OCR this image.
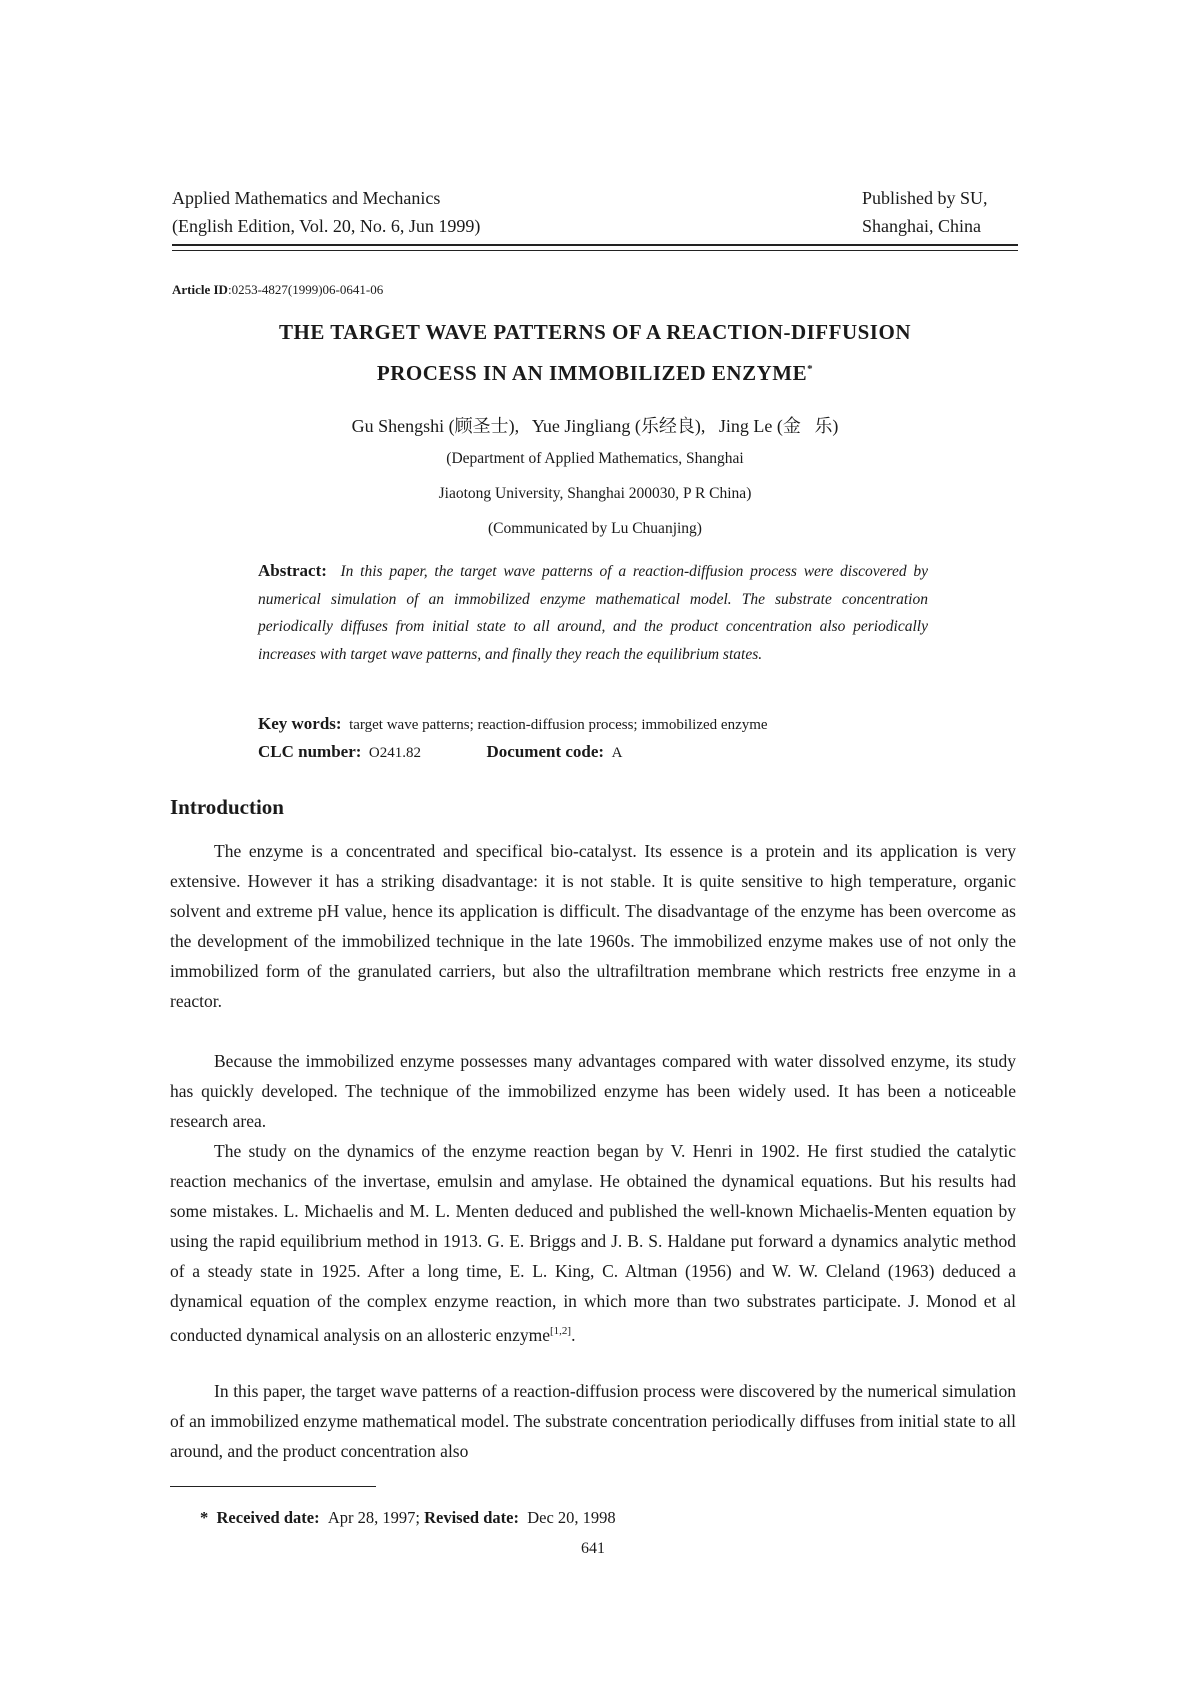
Applied Mathematics and Mechanics
(English Edition, Vol. 20, No. 6, Jun 1999)
Published by SU,
Shanghai, China
Article ID:0253-4827(1999)06-0641-06
THE TARGET WAVE PATTERNS OF A REACTION-DIFFUSION
PROCESS IN AN IMMOBILIZED ENZYME*
Gu Shengshi (顾圣士),   Yue Jingliang (乐经良),   Jing Le (金   乐)
(Department of Applied Mathematics, Shanghai
Jiaotong University, Shanghai 200030, P R China)
(Communicated by Lu Chuanjing)
Abstract: In this paper, the target wave patterns of a reaction-diffusion process were discovered by numerical simulation of an immobilized enzyme mathematical model. The substrate concentration periodically diffuses from initial state to all around, and the product concentration also periodically increases with target wave patterns, and finally they reach the equilibrium states.
Key words: target wave patterns; reaction-diffusion process; immobilized enzyme
CLC number: O241.82	Document code: A
Introduction

The enzyme is a concentrated and specifical bio-catalyst. Its essence is a protein and its application is very extensive. However it has a striking disadvantage: it is not stable. It is quite sensitive to high temperature, organic solvent and extreme pH value, hence its application is difficult. The disadvantage of the enzyme has been overcome as the development of the immobilized technique in the late 1960s. The immobilized enzyme makes use of not only the immobilized form of the granulated carriers, but also the ultrafiltration membrane which restricts free enzyme in a reactor.

Because the immobilized enzyme possesses many advantages compared with water dissolved enzyme, its study has quickly developed. The technique of the immobilized enzyme has been widely used. It has been a noticeable research area.

The study on the dynamics of the enzyme reaction began by V. Henri in 1902. He first studied the catalytic reaction mechanics of the invertase, emulsin and amylase. He obtained the dynamical equations. But his results had some mistakes. L. Michaelis and M. L. Menten deduced and published the well-known Michaelis-Menten equation by using the rapid equilibrium method in 1913. G. E. Briggs and J. B. S. Haldane put forward a dynamics analytic method of a steady state in 1925. After a long time, E. L. King, C. Altman (1956) and W. W. Cleland (1963) deduced a dynamical equation of the complex enzyme reaction, in which more than two substrates participate. J. Monod et al conducted dynamical analysis on an allosteric enzyme[1,2].

In this paper, the target wave patterns of a reaction-diffusion process were discovered by the numerical simulation of an immobilized enzyme mathematical model. The substrate concentration periodically diffuses from initial state to all around, and the product concentration also

* Received date: Apr 28, 1997; Revised date: Dec 20, 1998
641
